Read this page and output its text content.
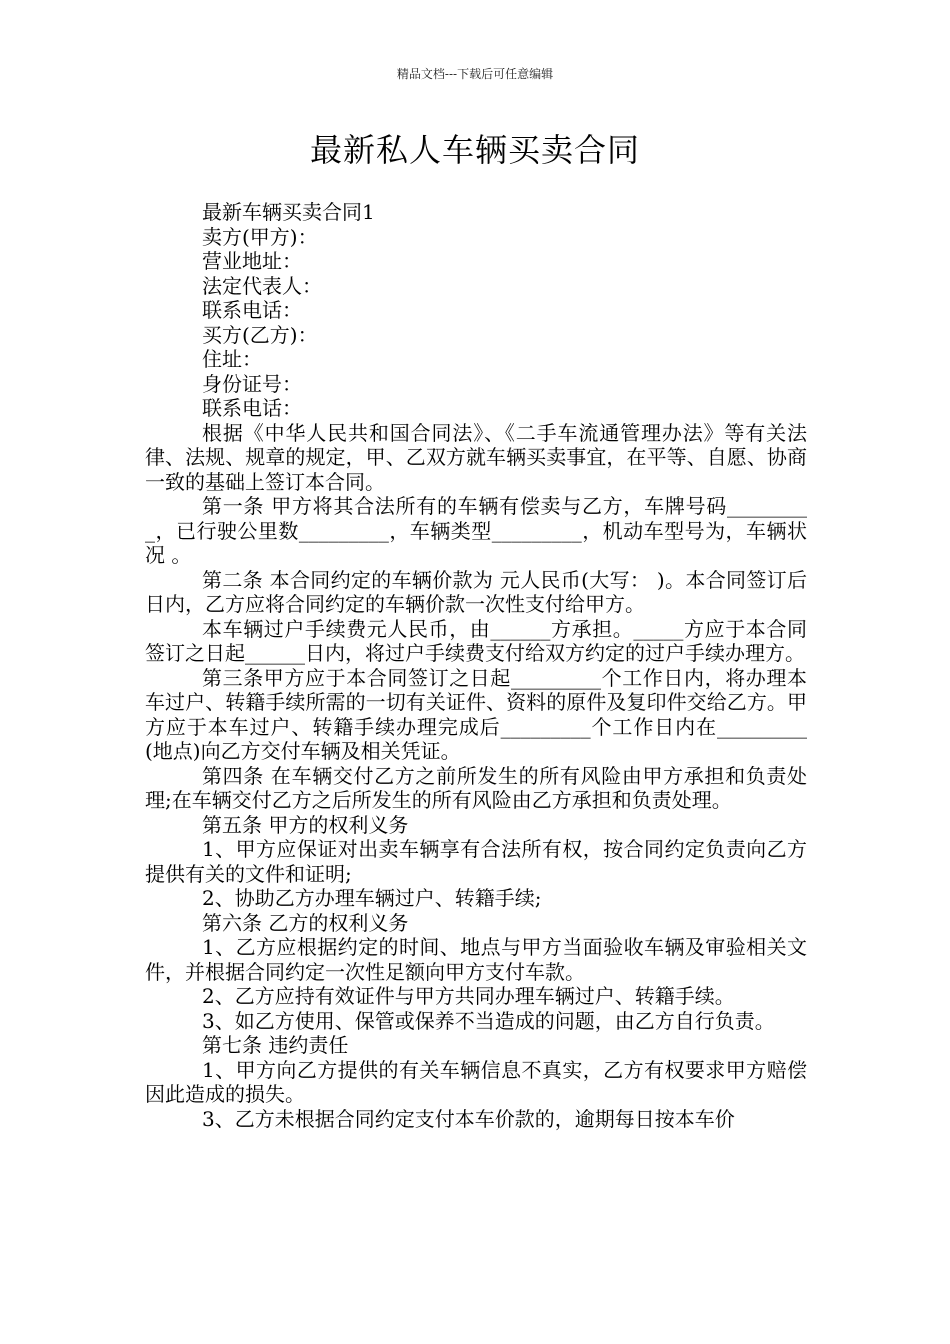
精品文档---下载后可任意编辑
最新私人车辆买卖合同

最新车辆买卖合同1

卖方(甲方)：

营业地址：

法定代表人：

联系电话：

买方(乙方)：

住址：

身份证号：

联系电话：

根据《中华人民共和国合同法》、《二手车流通管理办法》等有关法律、法规、规章的规定，甲、乙双方就车辆买卖事宜，在平等、自愿、协商一致的基础上签订本合同。

第一条 甲方将其合法所有的车辆有偿卖与乙方，车牌号码_________，已行驶公里数_________，车辆类型_________，机动车型号为，车辆状况 。

第二条 本合同约定的车辆价款为 元人民币(大写： )。本合同签订后 日内，乙方应将合同约定的车辆价款一次性支付给甲方。

本车辆过户手续费元人民币，由______方承担。_____方应于本合同签订之日起______日内，将过户手续费支付给双方约定的过户手续办理方。

第三条甲方应于本合同签订之日起_________个工作日内，将办理本车过户、转籍手续所需的一切有关证件、资料的原件及复印件交给乙方。甲方应于本车过户、转籍手续办理完成后_________个工作日内在_________(地点)向乙方交付车辆及相关凭证。

第四条 在车辆交付乙方之前所发生的所有风险由甲方承担和负责处理;在车辆交付乙方之后所发生的所有风险由乙方承担和负责处理。

第五条 甲方的权利义务

1、甲方应保证对出卖车辆享有合法所有权，按合同约定负责向乙方提供有关的文件和证明;

2、协助乙方办理车辆过户、转籍手续;

第六条 乙方的权利义务

1、乙方应根据约定的时间、地点与甲方当面验收车辆及审验相关文件，并根据合同约定一次性足额向甲方支付车款。

2、乙方应持有效证件与甲方共同办理车辆过户、转籍手续。

3、如乙方使用、保管或保养不当造成的问题，由乙方自行负责。

第七条 违约责任

1、甲方向乙方提供的有关车辆信息不真实，乙方有权要求甲方赔偿因此造成的损失。

3、乙方未根据合同约定支付本车价款的，逾期每日按本车价
